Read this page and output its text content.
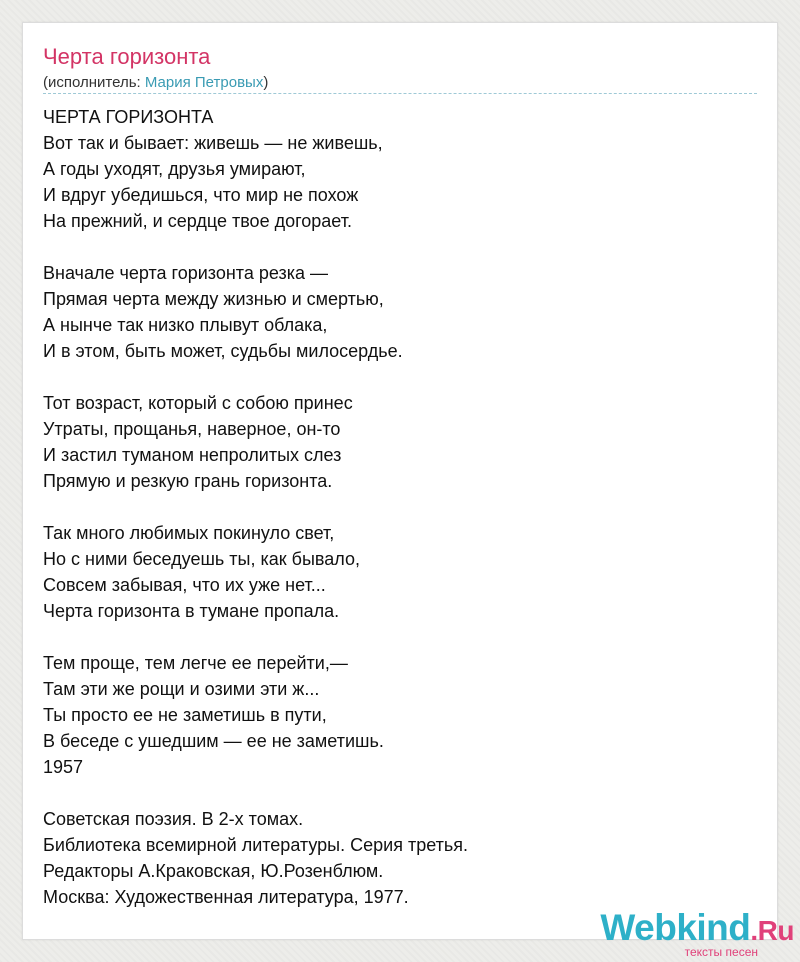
Черта горизонта
(исполнитель: Мария Петровых)
ЧЕРТА ГОРИЗОНТА
Вот так и бывает: живешь — не живешь,
А годы уходят, друзья умирают,
И вдруг убедишься, что мир не похож
На прежний, и сердце твое догорает.
Вначале черта горизонта резка —
Прямая черта между жизнью и смертью,
А нынче так низко плывут облака,
И в этом, быть может, судьбы милосердье.
Тот возраст, который с собою принес
Утраты, прощанья, наверное, он-то
И застил туманом непролитых слез
Прямую и резкую грань горизонта.
Так много любимых покинуло свет,
Но с ними беседуешь ты, как бывало,
Совсем забывая, что их уже нет...
Черта горизонта в тумане пропала.
Тем проще, тем легче ее перейти,—
Там эти же рощи и озими эти ж...
Ты просто ее не заметишь в пути,
В беседе с ушедшим — ее не заметишь.
1957
Советская поэзия. В 2-х томах.
Библиотека всемирной литературы. Серия третья.
Редакторы А.Краковская, Ю.Розенблюм.
Москва: Художественная литература, 1977.
Webkind.Ru
тексты песен
